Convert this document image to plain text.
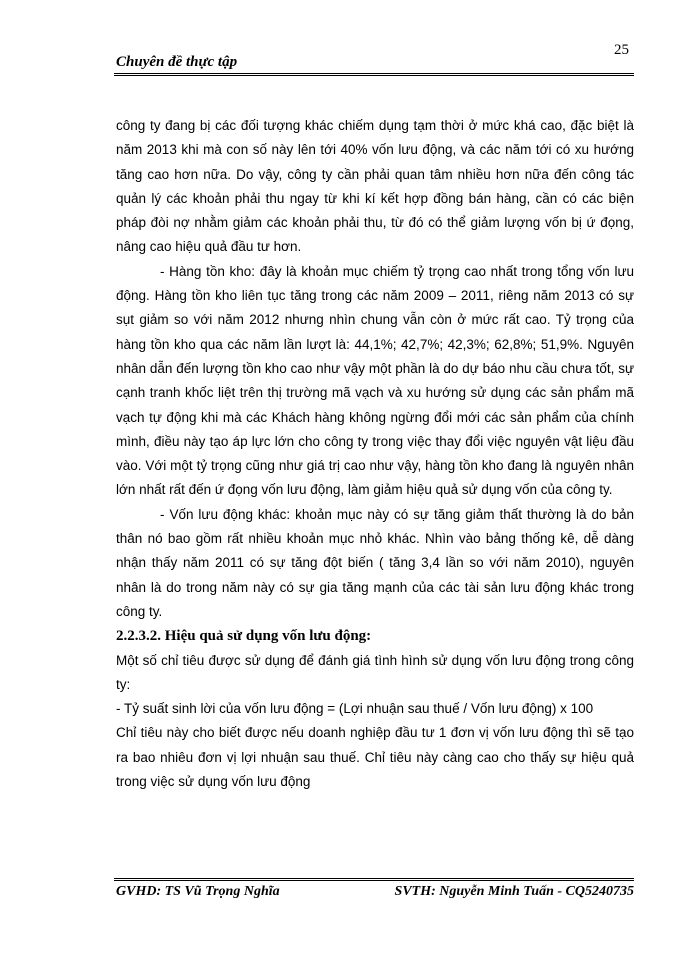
25
Chuyên đề thực tập

công ty đang bị các đối tượng khác chiếm dụng tạm thời ở mức khá cao, đặc biệt là năm 2013 khi mà con số này lên tới 40% vốn lưu động, và các năm tới có xu hướng tăng cao hơn nữa. Do vậy, công ty cần phải quan tâm nhiều hơn nữa đến công tác quản lý các khoản phải thu ngay từ khi kí kết hợp đồng bán hàng, cần có các biện pháp đòi nợ nhằm giảm các khoản phải thu, từ đó có thể giảm lượng vốn bị ứ đọng, nâng cao hiệu quả đầu tư hơn.

- Hàng tồn kho: đây là khoản mục chiếm tỷ trọng cao nhất trong tổng vốn lưu động. Hàng tồn kho liên tục tăng trong các năm 2009 – 2011, riêng năm 2013 có sự sụt giảm so với năm 2012 nhưng nhìn chung vẫn còn ở mức rất cao. Tỷ trọng của hàng tồn kho qua các năm lần lượt là: 44,1%; 42,7%; 42,3%; 62,8%; 51,9%. Nguyên nhân dẫn đến lượng tồn kho cao như vậy một phần là do dự báo nhu cầu chưa tốt, sự cạnh tranh khốc liệt trên thị trường mã vạch và xu hướng sử dụng các sản phẩm mã vạch tự động khi mà các Khách hàng không ngừng đổi mới các sản phẩm của chính mình, điều này tạo áp lực lớn cho công ty trong việc thay đổi việc nguyên vật liệu đầu vào. Với một tỷ trọng cũng như giá trị cao như vậy, hàng tồn kho đang là nguyên nhân lớn nhất rất đến ứ đọng vốn lưu động, làm giảm hiệu quả sử dụng vốn của công ty.

- Vốn lưu động khác: khoản mục này có sự tăng giảm thất thường là do bản thân nó bao gồm rất nhiều khoản mục nhỏ khác. Nhìn vào bảng thống kê, dễ dàng nhận thấy năm 2011 có sự tăng đột biến ( tăng 3,4 lần so với năm 2010), nguyên nhân là do trong năm này có sự gia tăng mạnh của các tài sản lưu động khác trong công ty.

2.2.3.2. Hiệu quả sử dụng vốn lưu động:

Một số chỉ tiêu được sử dụng để đánh giá tình hình sử dụng vốn lưu động trong công ty:

- Tỷ suất sinh lời của vốn lưu động = (Lợi nhuận sau thuế / Vốn lưu động) x 100

Chỉ tiêu này cho biết được nếu doanh nghiệp đầu tư 1 đơn vị vốn lưu động thì sẽ tạo ra bao nhiêu đơn vị lợi nhuận sau thuế. Chỉ tiêu này càng cao cho thấy sự hiệu quả trong việc sử dụng vốn lưu động

GVHD: TS Vũ Trọng Nghĩa	SVTH: Nguyễn Minh Tuấn - CQ5240735
